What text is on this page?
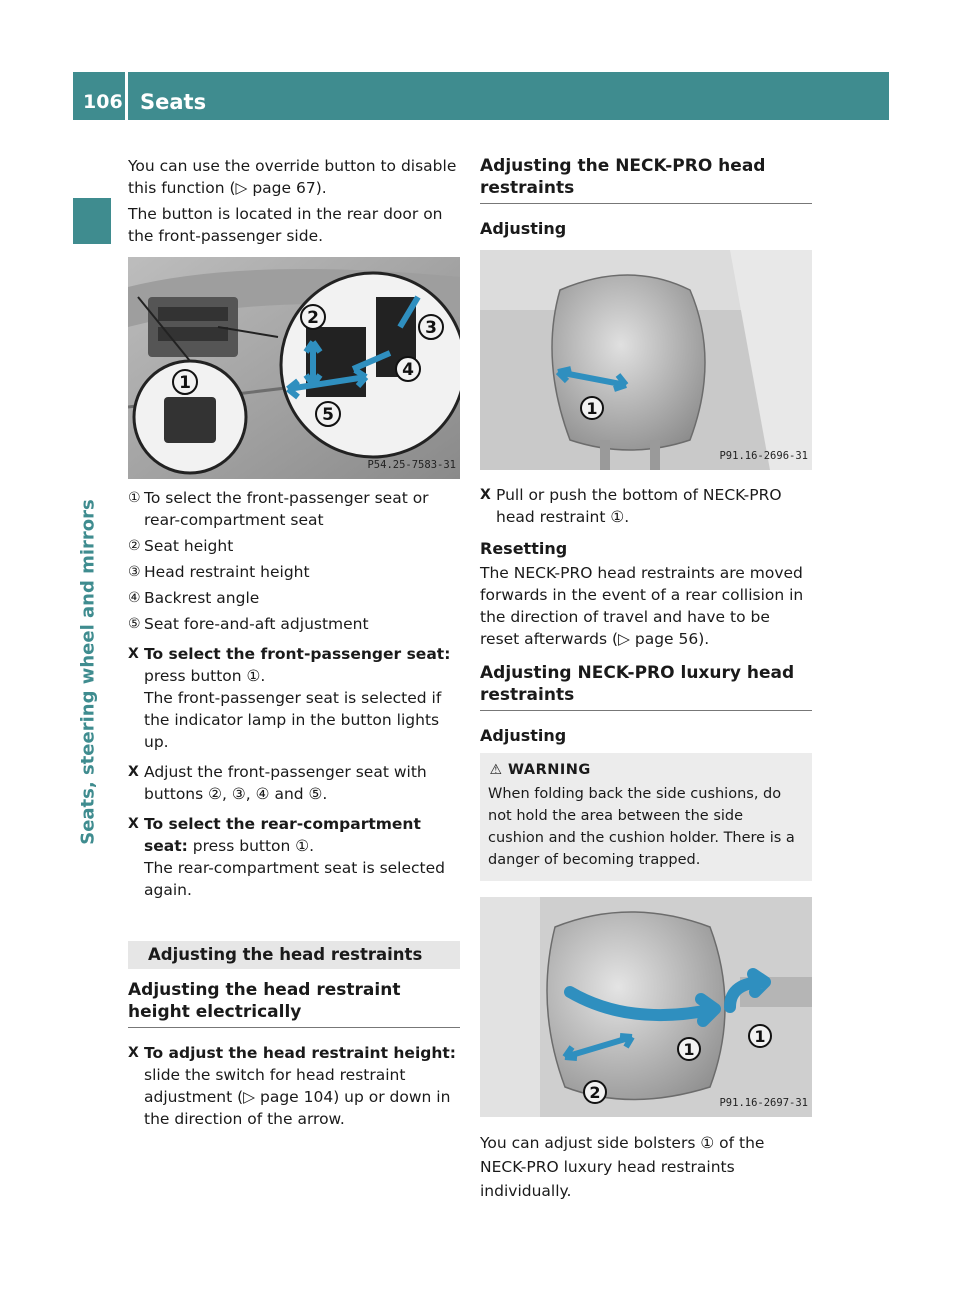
106 Seats
Seats, steering wheel and mirrors

You can use the override button to disable this function (▷ page 67).

The button is located in the rear door on the front-passenger side.

2	3
4
5
1
P54.25-7583-31
① To select the front-passenger seat or rear-compartment seat
② Seat height
③ Head restraint height
④ Backrest angle
⑤ Seat fore-and-aft adjustment
X To select the front-passenger seat: press button ①.
The front-passenger seat is selected if the indicator lamp in the button lights up.
X Adjust the front-passenger seat with buttons ②, ③, ④ and ⑤.
X To select the rear-compartment seat: press button ①.
The rear-compartment seat is selected again.
Adjusting the head restraints
Adjusting the head restraint height electrically
X To adjust the head restraint height: slide the switch for head restraint adjustment (▷ page 104) up or down in the direction of the arrow.
Adjusting the NECK-PRO head restraints
Adjusting
1
P91.16-2696-31
X Pull or push the bottom of NECK-PRO head restraint ①.
Resetting

The NECK-PRO head restraints are moved forwards in the event of a rear collision in the direction of travel and have to be reset afterwards (▷ page 56).

Adjusting NECK-PRO luxury head restraints
Adjusting
⚠ WARNING
When folding back the side cushions, do not hold the area between the side cushion and the cushion holder. There is a danger of becoming trapped.
1
1
2
P91.16-2697-31

You can adjust side bolsters ① of the NECK-PRO luxury head restraints individually.
